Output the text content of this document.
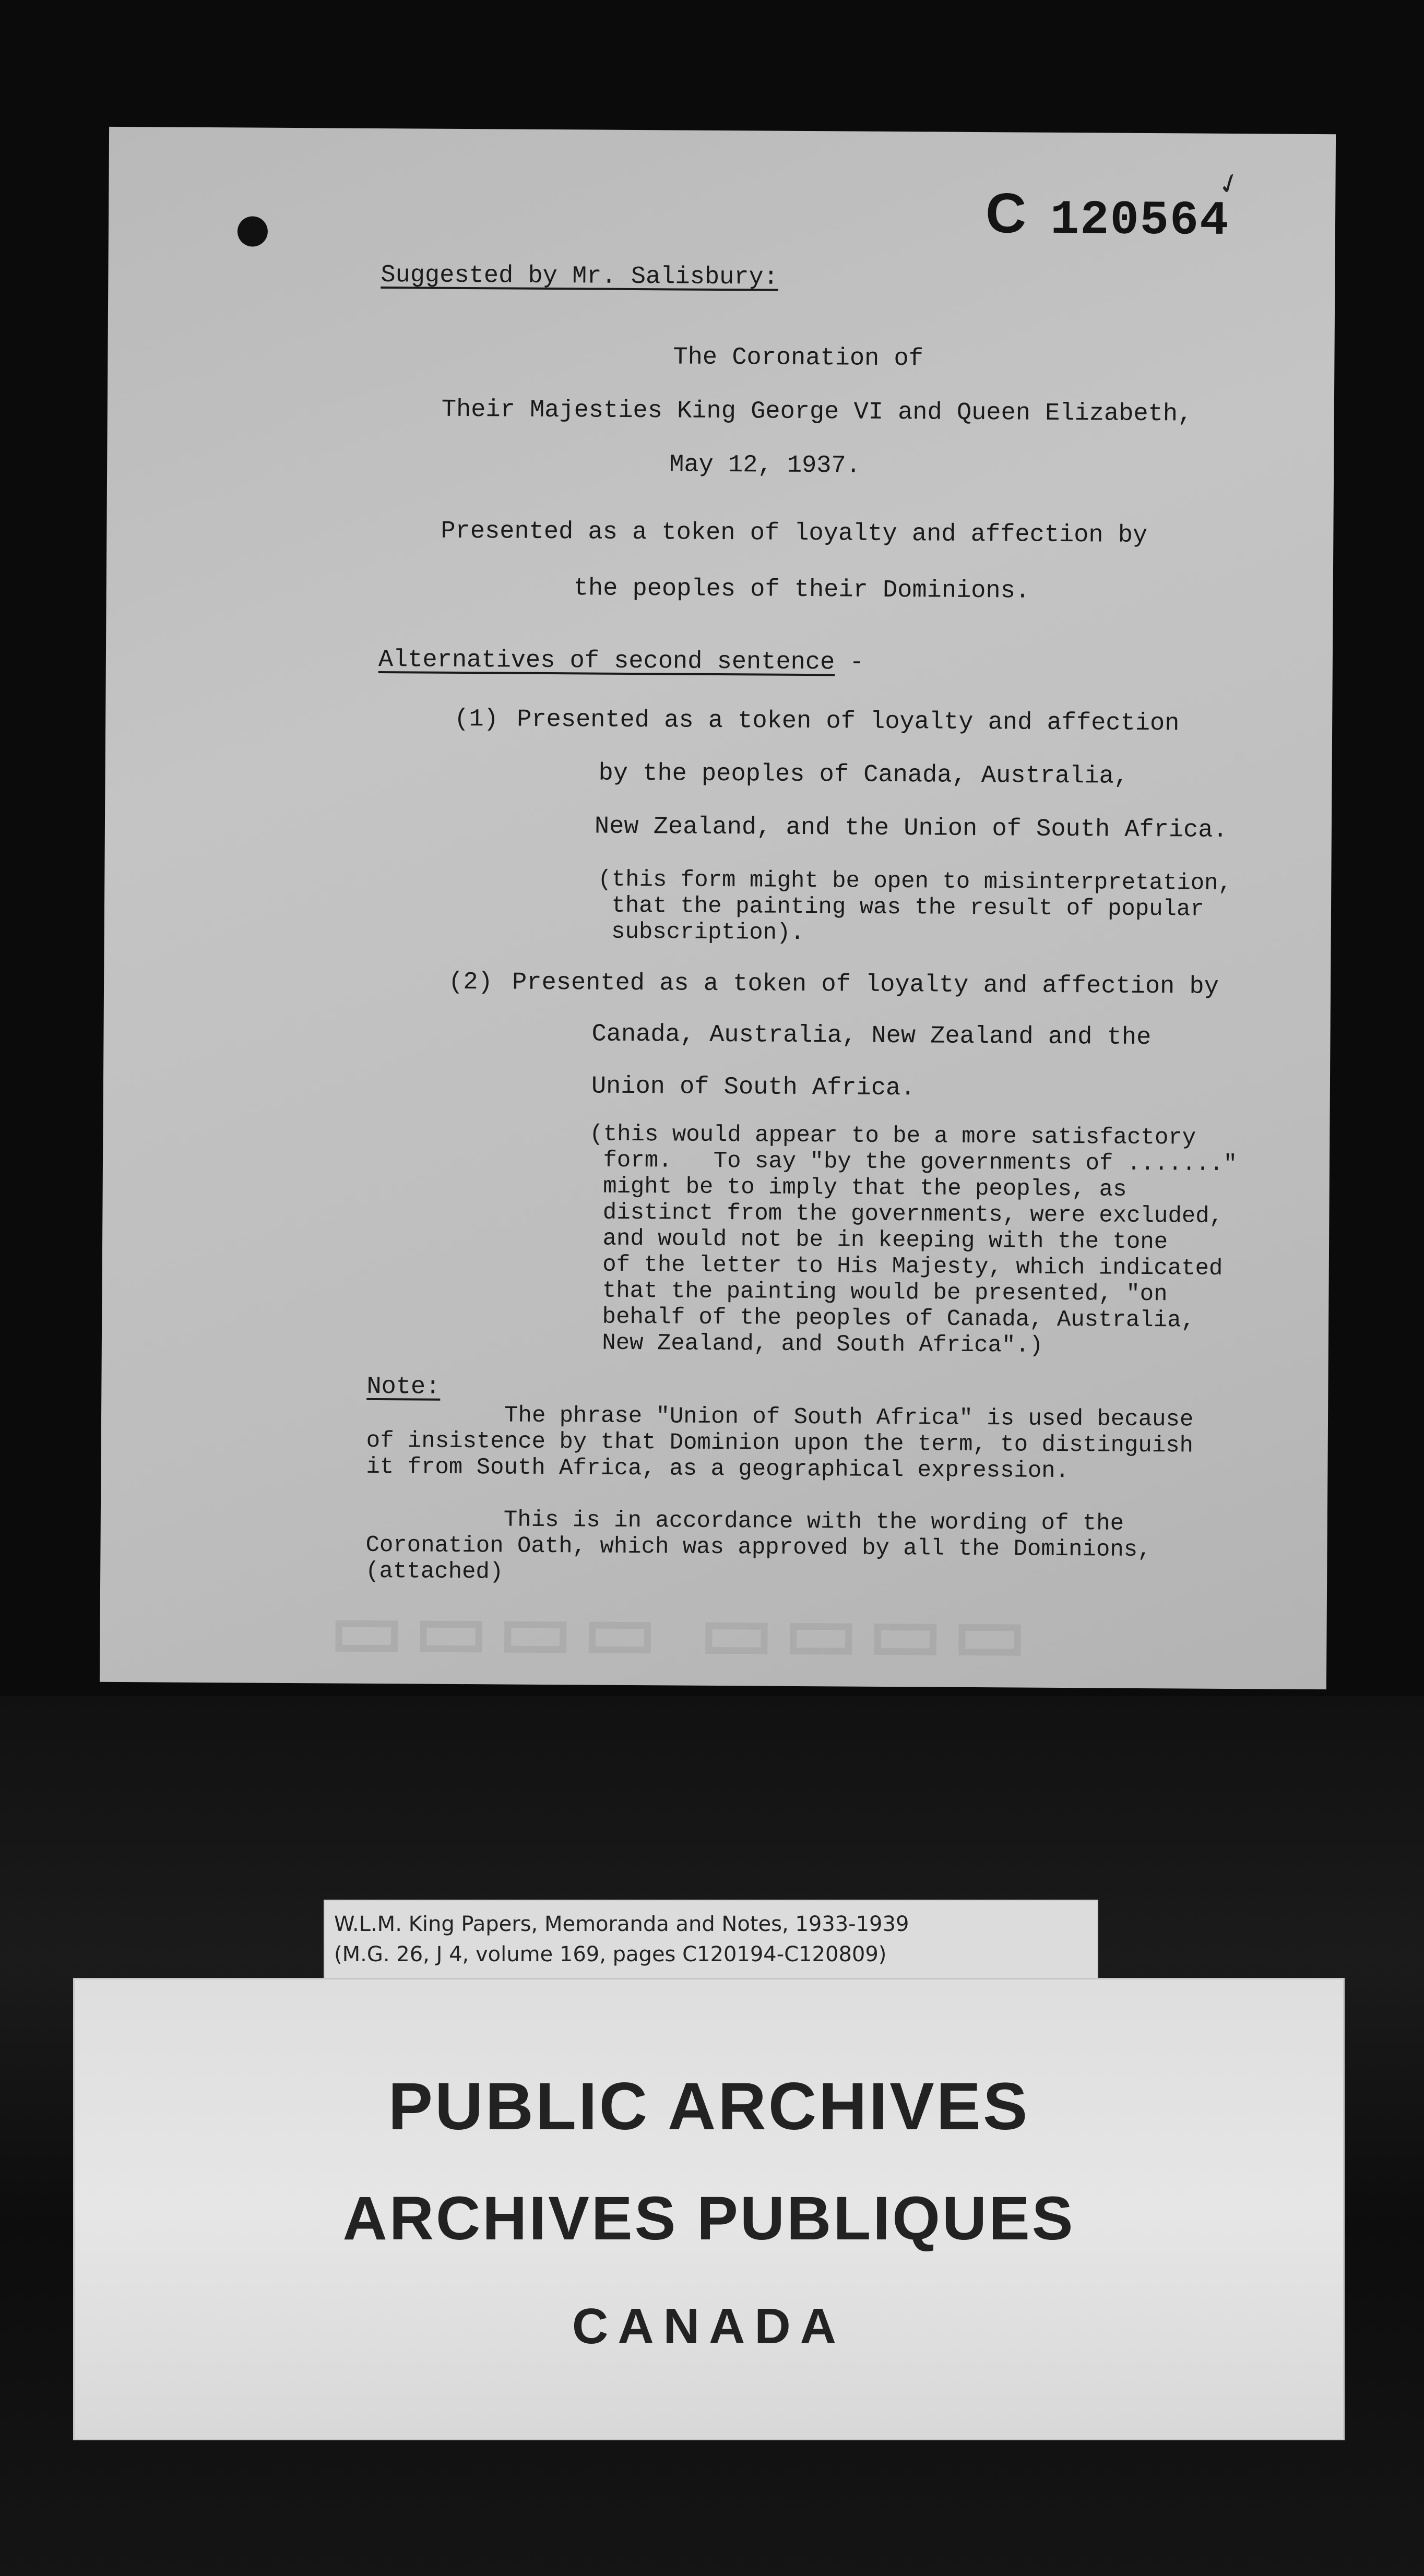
C 120564
✓
Suggested by Mr. Salisbury:
The Coronation of
Their Majesties King George VI and Queen Elizabeth,
May 12, 1937.
Presented as a token of loyalty and affection by
the peoples of their Dominions.
Alternatives of second sentence -
(1) Presented as a token of loyalty and affection
by the peoples of Canada, Australia,
New Zealand, and the Union of South Africa.
(this form might be open to misinterpretation,
that the painting was the result of popular
subscription).
(2) Presented as a token of loyalty and affection by
Canada, Australia, New Zealand and the
Union of South Africa.
(this would appear to be a more satisfactory
form.   To say "by the governments of ......."
might be to imply that the peoples, as
distinct from the governments, were excluded,
and would not be in keeping with the tone
of the letter to His Majesty, which indicated
that the painting would be presented, "on
behalf of the peoples of Canada, Australia,
New Zealand, and South Africa".)
Note:
The phrase "Union of South Africa" is used because
of insistence by that Dominion upon the term, to distinguish
it from South Africa, as a geographical expression.
This is in accordance with the wording of the
Coronation Oath, which was approved by all the Dominions,
(attached)
▭▭▭▭ ▭▭▭▭
W.L.M. King Papers, Memoranda and Notes, 1933-1939
(M.G. 26, J 4, volume 169, pages C120194-C120809)
PUBLIC ARCHIVES
ARCHIVES PUBLIQUES
CANADA
